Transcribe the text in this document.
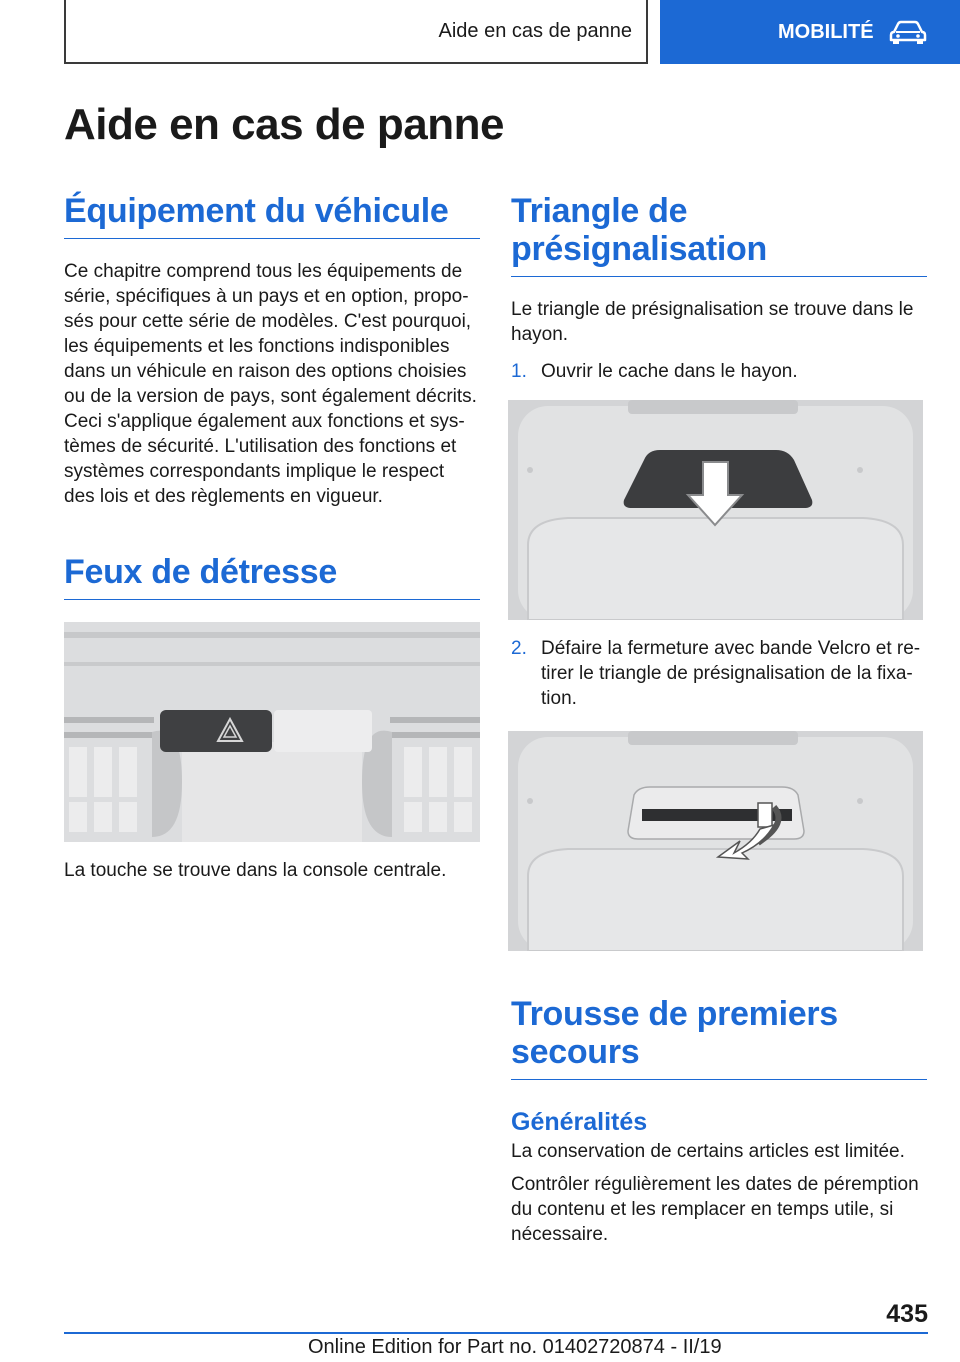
Aide en cas de panne	MOBILITÉ
Aide en cas de panne
Équipement du véhicule

Ce chapitre comprend tous les équipements de série, spécifiques à un pays et en option, propo-sés pour cette série de modèles. C'est pourquoi, les équipements et les fonctions indisponibles dans un véhicule en raison des options choisies ou de la version de pays, sont également décrits. Ceci s'applique également aux fonctions et sys-tèmes de sécurité. L'utilisation des fonctions et systèmes correspondants implique le respect des lois et des règlements en vigueur.

Feux de détresse

La touche se trouve dans la console centrale.

Triangle de présignalisation

Le triangle de présignalisation se trouve dans le hayon.

1. Ouvrir le cache dans le hayon.
2. Défaire la fermeture avec bande Velcro et re-tirer le triangle de présignalisation de la fixa-tion.
Trousse de premiers secours
Généralités

La conservation de certains articles est limitée.

Contrôler régulièrement les dates de péremption du contenu et les remplacer en temps utile, si nécessaire.

435
Online Edition for Part no. 01402720874 - II/19
